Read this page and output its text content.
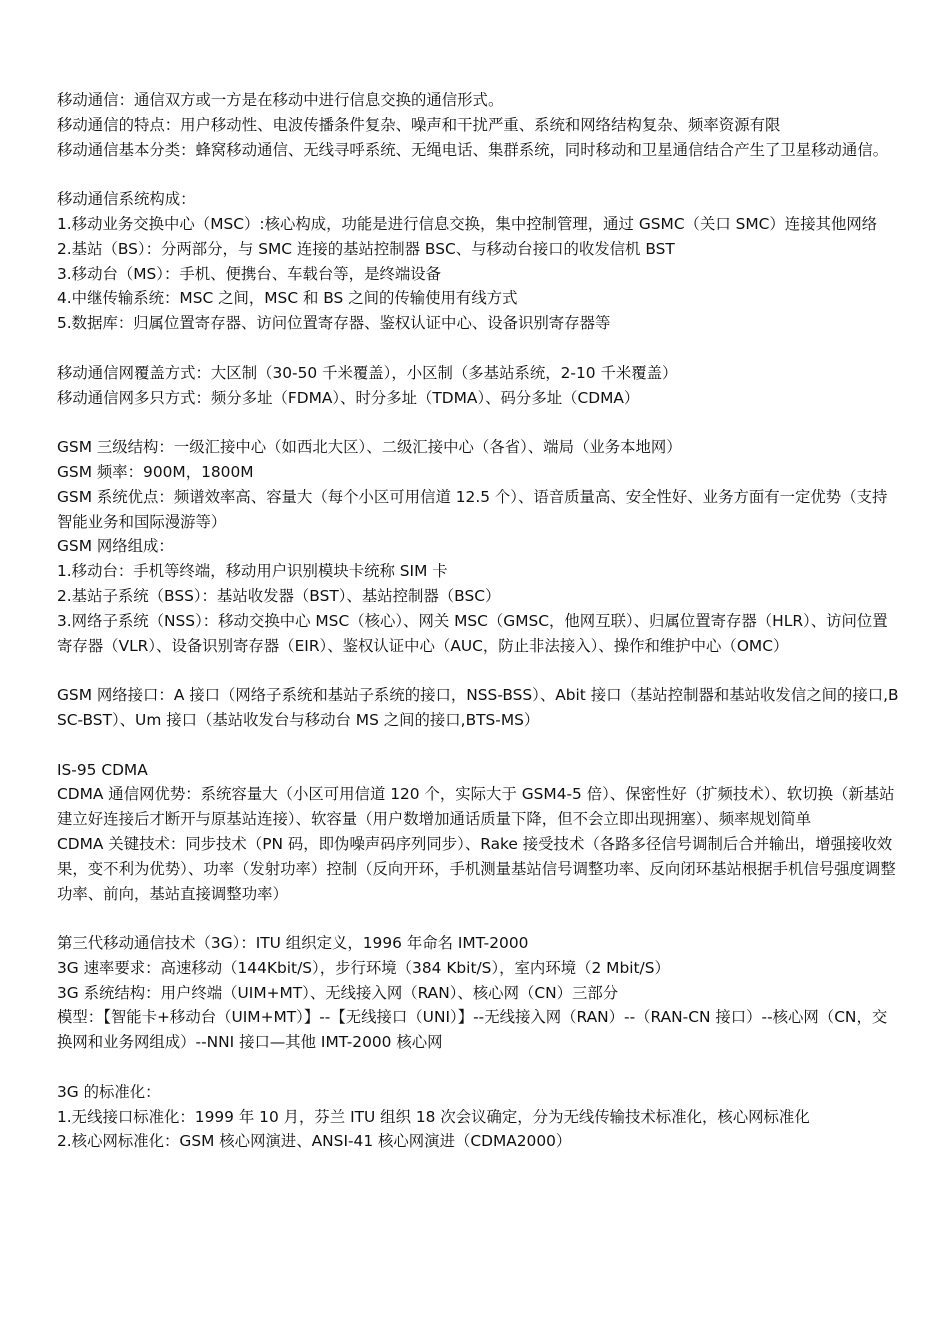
移动通信：通信双方或一方是在移动中进行信息交换的通信形式。

移动通信的特点：用户移动性、电波传播条件复杂、噪声和干扰严重、系统和网络结构复杂、频率资源有限

移动通信基本分类：蜂窝移动通信、无线寻呼系统、无绳电话、集群系统，同时移动和卫星通信结合产生了卫星移动通信。

移动通信系统构成：

1.移动业务交换中心（MSC）:核心构成，功能是进行信息交换，集中控制管理，通过 GSMC（关口 SMC）连接其他网络

2.基站（BS）：分两部分，与 SMC 连接的基站控制器 BSC、与移动台接口的收发信机 BST

3.移动台（MS）：手机、便携台、车载台等，是终端设备

4.中继传输系统：MSC 之间，MSC 和 BS 之间的传输使用有线方式

5.数据库：归属位置寄存器、访问位置寄存器、鉴权认证中心、设备识别寄存器等

移动通信网覆盖方式：大区制（30-50 千米覆盖），小区制（多基站系统，2-10 千米覆盖）

移动通信网多只方式：频分多址（FDMA）、时分多址（TDMA）、码分多址（CDMA）

GSM 三级结构：一级汇接中心（如西北大区）、二级汇接中心（各省）、端局（业务本地网）

GSM 频率：900M，1800M

GSM 系统优点：频谱效率高、容量大（每个小区可用信道 12.5 个）、语音质量高、安全性好、业务方面有一定优势（支持智能业务和国际漫游等）

GSM 网络组成：

1.移动台：手机等终端，移动用户识别模块卡统称 SIM 卡

2.基站子系统（BSS）：基站收发器（BST）、基站控制器（BSC）

3.网络子系统（NSS）：移动交换中心 MSC（核心）、网关 MSC（GMSC，他网互联）、归属位置寄存器（HLR）、访问位置寄存器（VLR）、设备识别寄存器（EIR）、鉴权认证中心（AUC，防止非法接入）、操作和维护中心（OMC）

GSM 网络接口：A 接口（网络子系统和基站子系统的接口，NSS-BSS）、Abit 接口（基站控制器和基站收发信之间的接口,BSC-BST）、Um 接口（基站收发台与移动台 MS 之间的接口,BTS-MS）

IS-95 CDMA

CDMA 通信网优势：系统容量大（小区可用信道 120 个，实际大于 GSM4-5 倍）、保密性好（扩频技术）、软切换（新基站建立好连接后才断开与原基站连接）、软容量（用户数增加通话质量下降，但不会立即出现拥塞）、频率规划简单

CDMA 关键技术：同步技术（PN 码，即伪噪声码序列同步）、Rake 接受技术（各路多径信号调制后合并输出，增强接收效果，变不利为优势）、功率（发射功率）控制（反向开环，手机测量基站信号调整功率、反向闭环基站根据手机信号强度调整功率、前向，基站直接调整功率）

第三代移动通信技术（3G）：ITU 组织定义，1996 年命名 IMT-2000

3G 速率要求：高速移动（144Kbit/S），步行环境（384 Kbit/S），室内环境（2 Mbit/S）

3G 系统结构：用户终端（UIM+MT）、无线接入网（RAN）、核心网（CN）三部分

模型：【智能卡+移动台（UIM+MT）】--【无线接口（UNI）】--无线接入网（RAN）--（RAN-CN 接口）--核心网（CN，交换网和业务网组成）--NNI 接口—其他 IMT-2000 核心网

3G 的标准化：

1.无线接口标准化：1999 年 10 月，芬兰 ITU 组织 18 次会议确定，分为无线传输技术标准化，核心网标准化

2.核心网标准化：GSM 核心网演进、ANSI-41 核心网演进（CDMA2000）
